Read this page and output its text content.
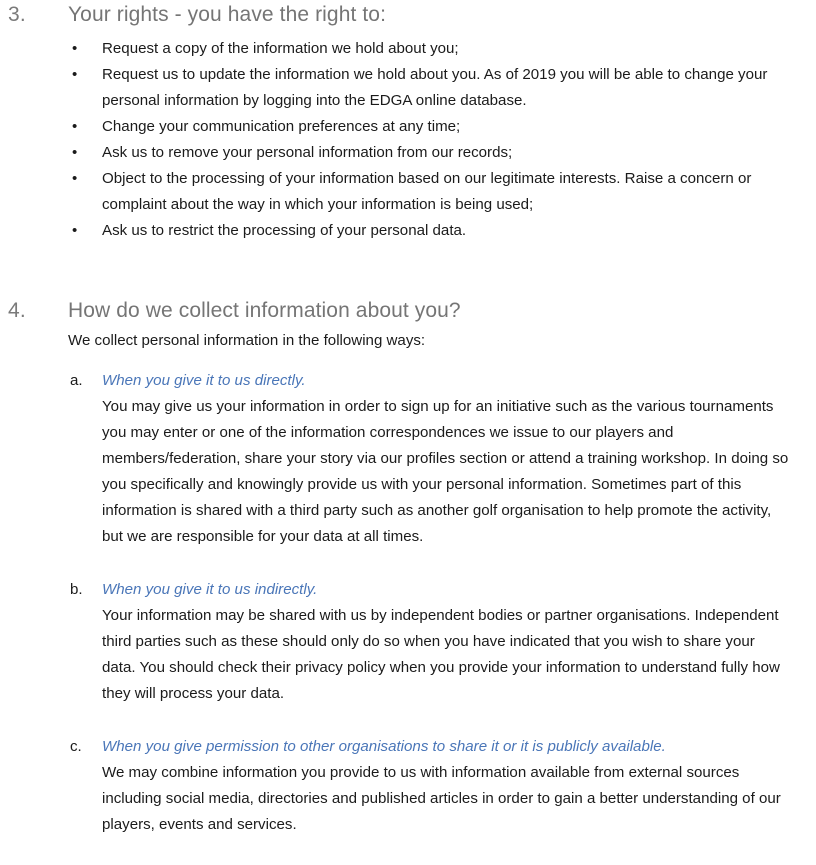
3. Your rights - you have the right to:
• Request a copy of the information we hold about you;
• Request us to update the information we hold about you. As of 2019 you will be able to change your personal information by logging into the EDGA online database.
• Change your communication preferences at any time;
• Ask us to remove your personal information from our records;
• Object to the processing of your information based on our legitimate interests. Raise a concern or complaint about the way in which your information is being used;
• Ask us to restrict the processing of your personal data.
4. How do we collect information about you?

We collect personal information in the following ways:

a. When you give it to us directly.
You may give us your information in order to sign up for an initiative such as the various tournaments you may enter or one of the information correspondences we issue to our players and members/federation, share your story via our profiles section or attend a training workshop. In doing so you specifically and knowingly provide us with your personal information. Sometimes part of this information is shared with a third party such as another golf organisation to help promote the activity, but we are responsible for your data at all times.
b. When you give it to us indirectly.
Your information may be shared with us by independent bodies or partner organisations. Independent third parties such as these should only do so when you have indicated that you wish to share your data. You should check their privacy policy when you provide your information to understand fully how they will process your data.
c. When you give permission to other organisations to share it or it is publicly available.
We may combine information you provide to us with information available from external sources including social media, directories and published articles in order to gain a better understanding of our players, events and services.
